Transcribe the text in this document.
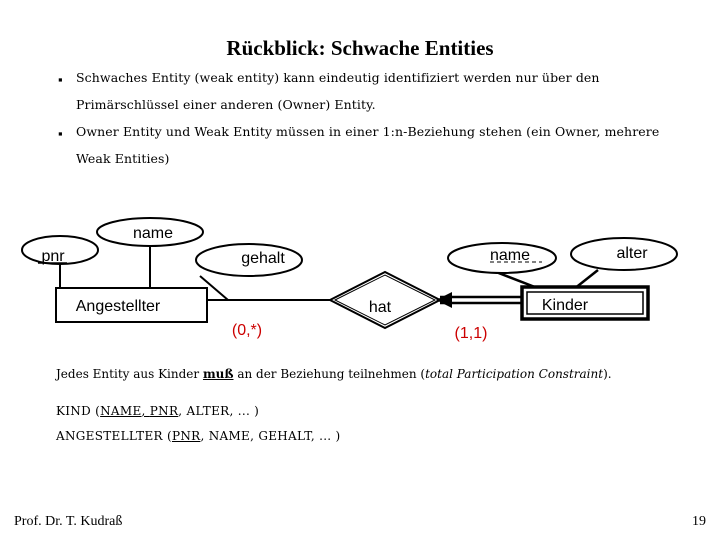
Rückblick: Schwache Entities
▪ Schwaches Entity (weak entity) kann eindeutig identifiziert werden nur über den Primärschlüssel einer anderen (Owner) Entity.
▪ Owner Entity und Weak Entity müssen in einer 1:n-Beziehung stehen (ein Owner, mehrere Weak Entities)
pnr
name
gehalt	name	alter
Angestellter	Kinder
hat
(0,*)	(1,1)
Jedes Entity aus Kinder muß an der Beziehung teilnehmen (total Participation Constraint).
KIND (NAME, PNR, ALTER, ... )
ANGESTELLTER (PNR, NAME, GEHALT, ... )
Prof. Dr. T. Kudraß	19
